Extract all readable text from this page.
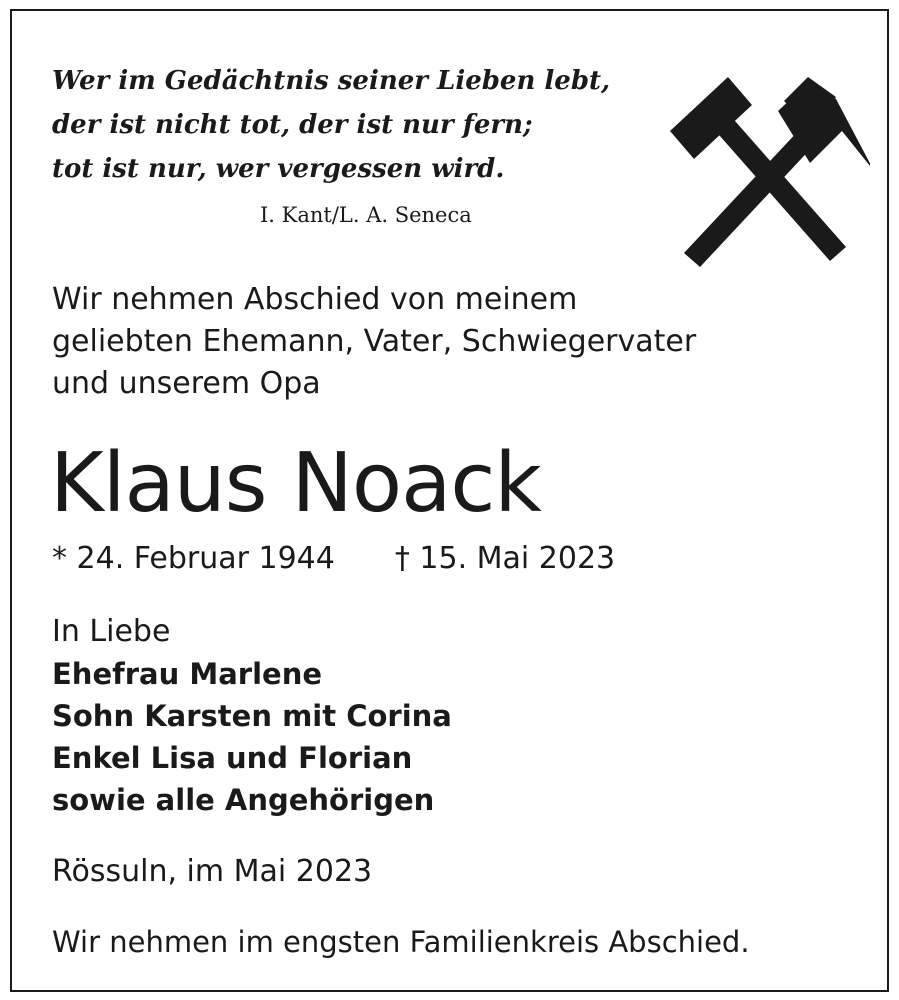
Wer im Gedächtnis seiner Lieben lebt,
der ist nicht tot, der ist nur fern;
tot ist nur, wer vergessen wird.
I. Kant/L. A. Seneca
Wir nehmen Abschied von meinem
geliebten Ehemann, Vater, Schwiegervater
und unserem Opa
Klaus Noack
* 24. Februar 1944 † 15. Mai 2023
In Liebe
Ehefrau Marlene
Sohn Karsten mit Corina
Enkel Lisa und Florian
sowie alle Angehörigen
Rössuln, im Mai 2023
Wir nehmen im engsten Familienkreis Abschied.
